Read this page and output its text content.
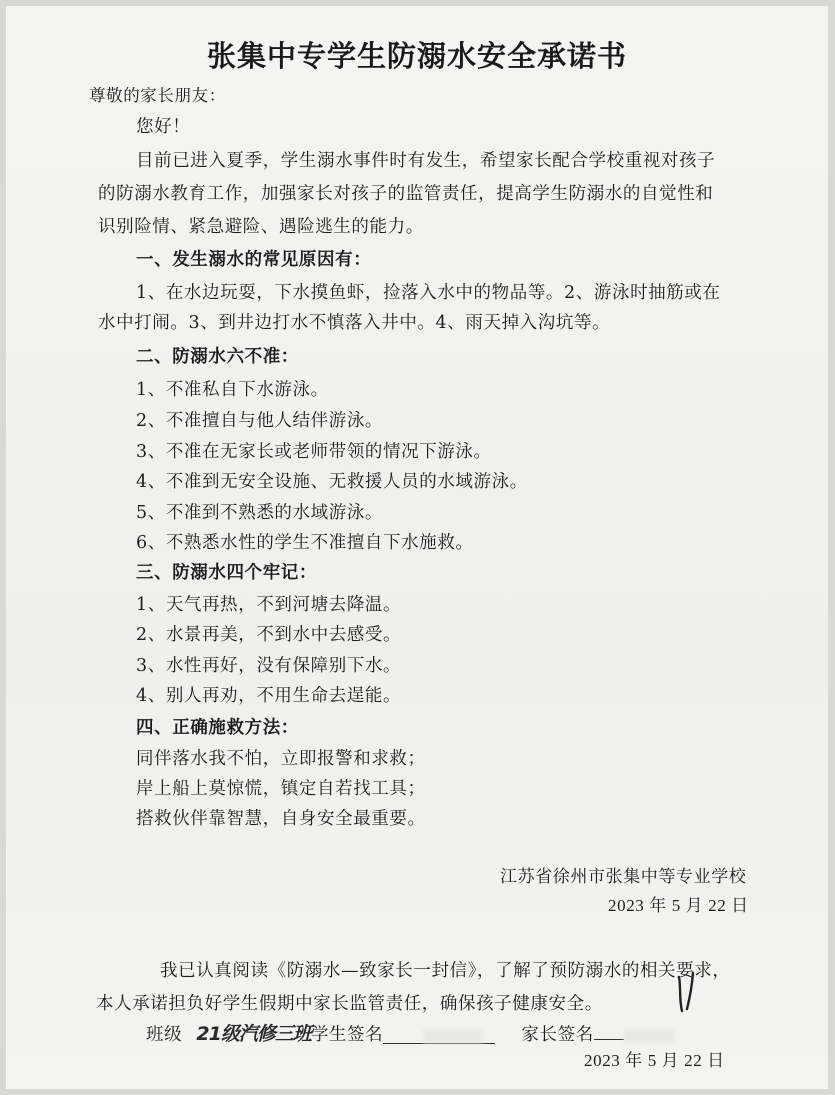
张集中专学生防溺水安全承诺书
尊敬的家长朋友：
您好！
目前已进入夏季，学生溺水事件时有发生，希望家长配合学校重视对孩子
的防溺水教育工作，加强家长对孩子的监管责任，提高学生防溺水的自觉性和
识别险情、紧急避险、遇险逃生的能力。
一、发生溺水的常见原因有：
1、在水边玩耍，下水摸鱼虾，捡落入水中的物品等。2、游泳时抽筋或在
水中打闹。3、到井边打水不慎落入井中。4、雨天掉入沟坑等。
二、防溺水六不准：
1、不准私自下水游泳。
2、不准擅自与他人结伴游泳。
3、不准在无家长或老师带领的情况下游泳。
4、不准到无安全设施、无救援人员的水域游泳。
5、不准到不熟悉的水域游泳。
6、不熟悉水性的学生不准擅自下水施救。
三、防溺水四个牢记：
1、天气再热，不到河塘去降温。
2、水景再美，不到水中去感受。
3、水性再好，没有保障别下水。
4、别人再劝，不用生命去逞能。
四、正确施救方法：
同伴落水我不怕，立即报警和求救；
岸上船上莫惊慌，镇定自若找工具；
搭救伙伴靠智慧，自身安全最重要。
江苏省徐州市张集中等专业学校
2023 年 5 月 22 日
我已认真阅读《防溺水—致家长一封信》，了解了预防溺水的相关要求，
本人承诺担负好学生假期中家长监管责任，确保孩子健康安全。
班级 21级汽修三班学生签名	家长签名
2023 年 5 月 22 日
